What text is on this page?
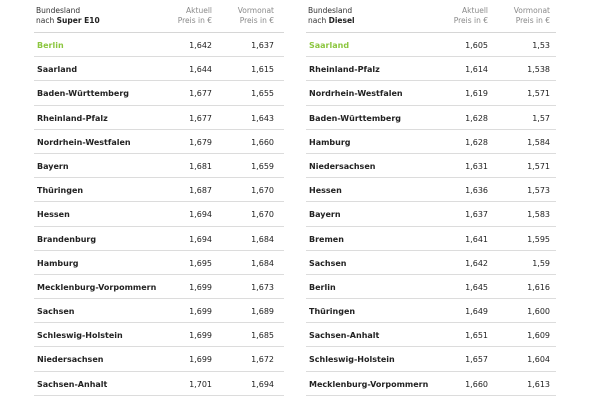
Bundesland
nach Super E10
Aktuell
Preis in €
Vormonat
Preis in €
Berlin	1,642	1,637
Saarland	1,644	1,615
Baden-Württemberg	1,677	1,655
Rheinland-Pfalz	1,677	1,643
Nordrhein-Westfalen	1,679	1,660
Bayern	1,681	1,659
Thüringen	1,687	1,670
Hessen	1,694	1,670
Brandenburg	1,694	1,684
Hamburg	1,695	1,684
Mecklenburg-Vorpommern	1,699	1,673
Sachsen	1,699	1,689
Schleswig-Holstein	1,699	1,685
Niedersachsen	1,699	1,672
Sachsen-Anhalt	1,701	1,694
Bundesland
nach Diesel
Aktuell
Preis in €
Vormonat
Preis in €
Saarland	1,605	1,53
Rheinland-Pfalz	1,614	1,538
Nordrhein-Westfalen	1,619	1,571
Baden-Württemberg	1,628	1,57
Hamburg	1,628	1,584
Niedersachsen	1,631	1,571
Hessen	1,636	1,573
Bayern	1,637	1,583
Bremen	1,641	1,595
Sachsen	1,642	1,59
Berlin	1,645	1,616
Thüringen	1,649	1,600
Sachsen-Anhalt	1,651	1,609
Schleswig-Holstein	1,657	1,604
Mecklenburg-Vorpommern	1,660	1,613
